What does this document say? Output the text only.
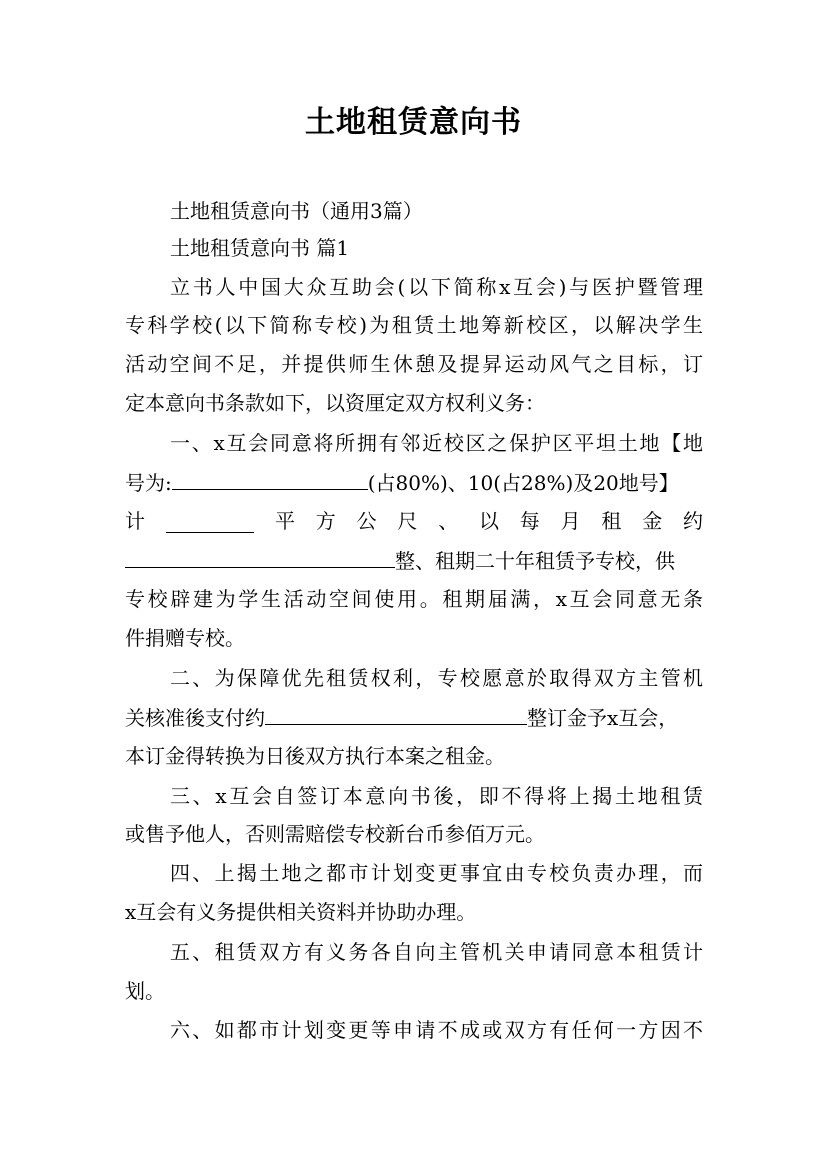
土地租赁意向书
土地租赁意向书（通用3篇）
土地租赁意向书 篇1
立书人中国大众互助会(以下简称x互会)与医护暨管理
专科学校(以下简称专校)为租赁土地筹新校区，以解决学生
活动空间不足，并提供师生休憩及提昇运动风气之目标，订
定本意向书条款如下，以资厘定双方权利义务：
一、x互会同意将所拥有邻近校区之保护区平坦土地【地
号为:	(占80%)、10(占28%)及20地号】
计	平方公尺、以每月租金约
整、租期二十年租赁予专校，供
专校辟建为学生活动空间使用。租期届满，x互会同意无条
件捐赠专校。
二、为保障优先租赁权利，专校愿意於取得双方主管机
关核准後支付约	整订金予x互会，
本订金得转换为日後双方执行本案之租金。
三、x互会自签订本意向书後，即不得将上揭土地租赁
或售予他人，否则需赔偿专校新台币参佰万元。
四、上揭土地之都市计划变更事宜由专校负责办理，而
x互会有义务提供相关资料并协助办理。
五、租赁双方有义务各自向主管机关申请同意本租赁计
划。
六、如都市计划变更等申请不成或双方有任何一方因不
